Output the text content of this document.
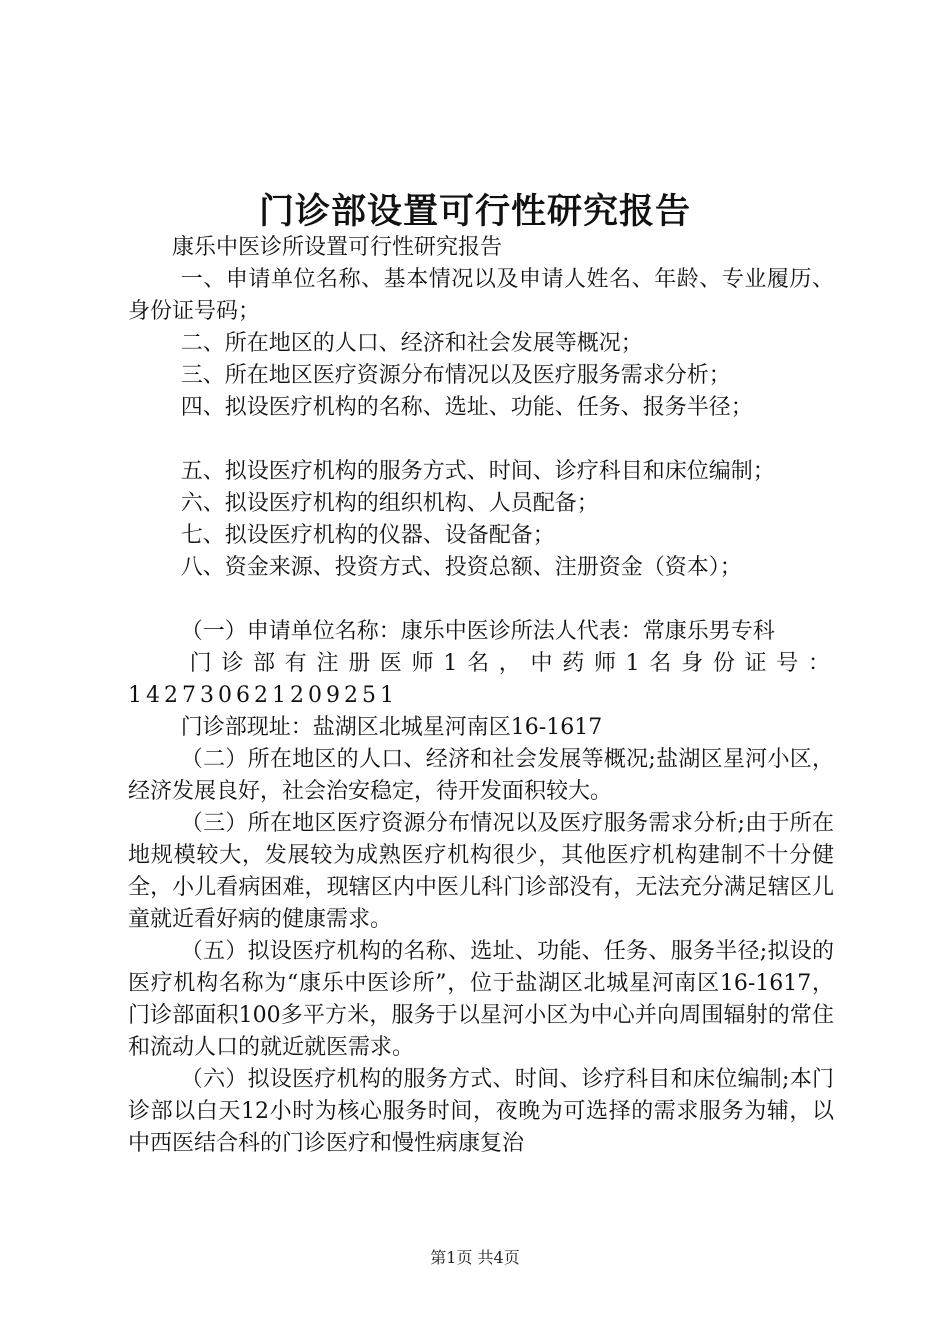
门诊部设置可行性研究报告

康乐中医诊所设置可行性研究报告

一、申请单位名称、基本情况以及申请人姓名、年龄、专业履历、身份证号码；

二、所在地区的人口、经济和社会发展等概况；

三、所在地区医疗资源分布情况以及医疗服务需求分析；

四、拟设医疗机构的名称、选址、功能、任务、报务半径；

五、拟设医疗机构的服务方式、时间、诊疗科目和床位编制；

六、拟设医疗机构的组织机构、人员配备；

七、拟设医疗机构的仪器、设备配备；

八、资金来源、投资方式、投资总额、注册资金（资本）；

（一）申请单位名称：康乐中医诊所法人代表：常康乐男专科

门诊部有注册医师1名，中药师1名身份证号：142730621209251

门诊部现址：盐湖区北城星河南区16-1617

（二）所在地区的人口、经济和社会发展等概况;盐湖区星河小区，经济发展良好，社会治安稳定，待开发面积较大。

（三）所在地区医疗资源分布情况以及医疗服务需求分析;由于所在地规模较大，发展较为成熟医疗机构很少，其他医疗机构建制不十分健全，小儿看病困难，现辖区内中医儿科门诊部没有，无法充分满足辖区儿童就近看好病的健康需求。

（五）拟设医疗机构的名称、选址、功能、任务、服务半径;拟设的医疗机构名称为“康乐中医诊所”，位于盐湖区北城星河南区16-1617，门诊部面积100多平方米，服务于以星河小区为中心并向周围辐射的常住和流动人口的就近就医需求。

（六）拟设医疗机构的服务方式、时间、诊疗科目和床位编制;本门诊部以白天12小时为核心服务时间，夜晚为可选择的需求服务为辅，以中西医结合科的门诊医疗和慢性病康复治

第1页 共4页
